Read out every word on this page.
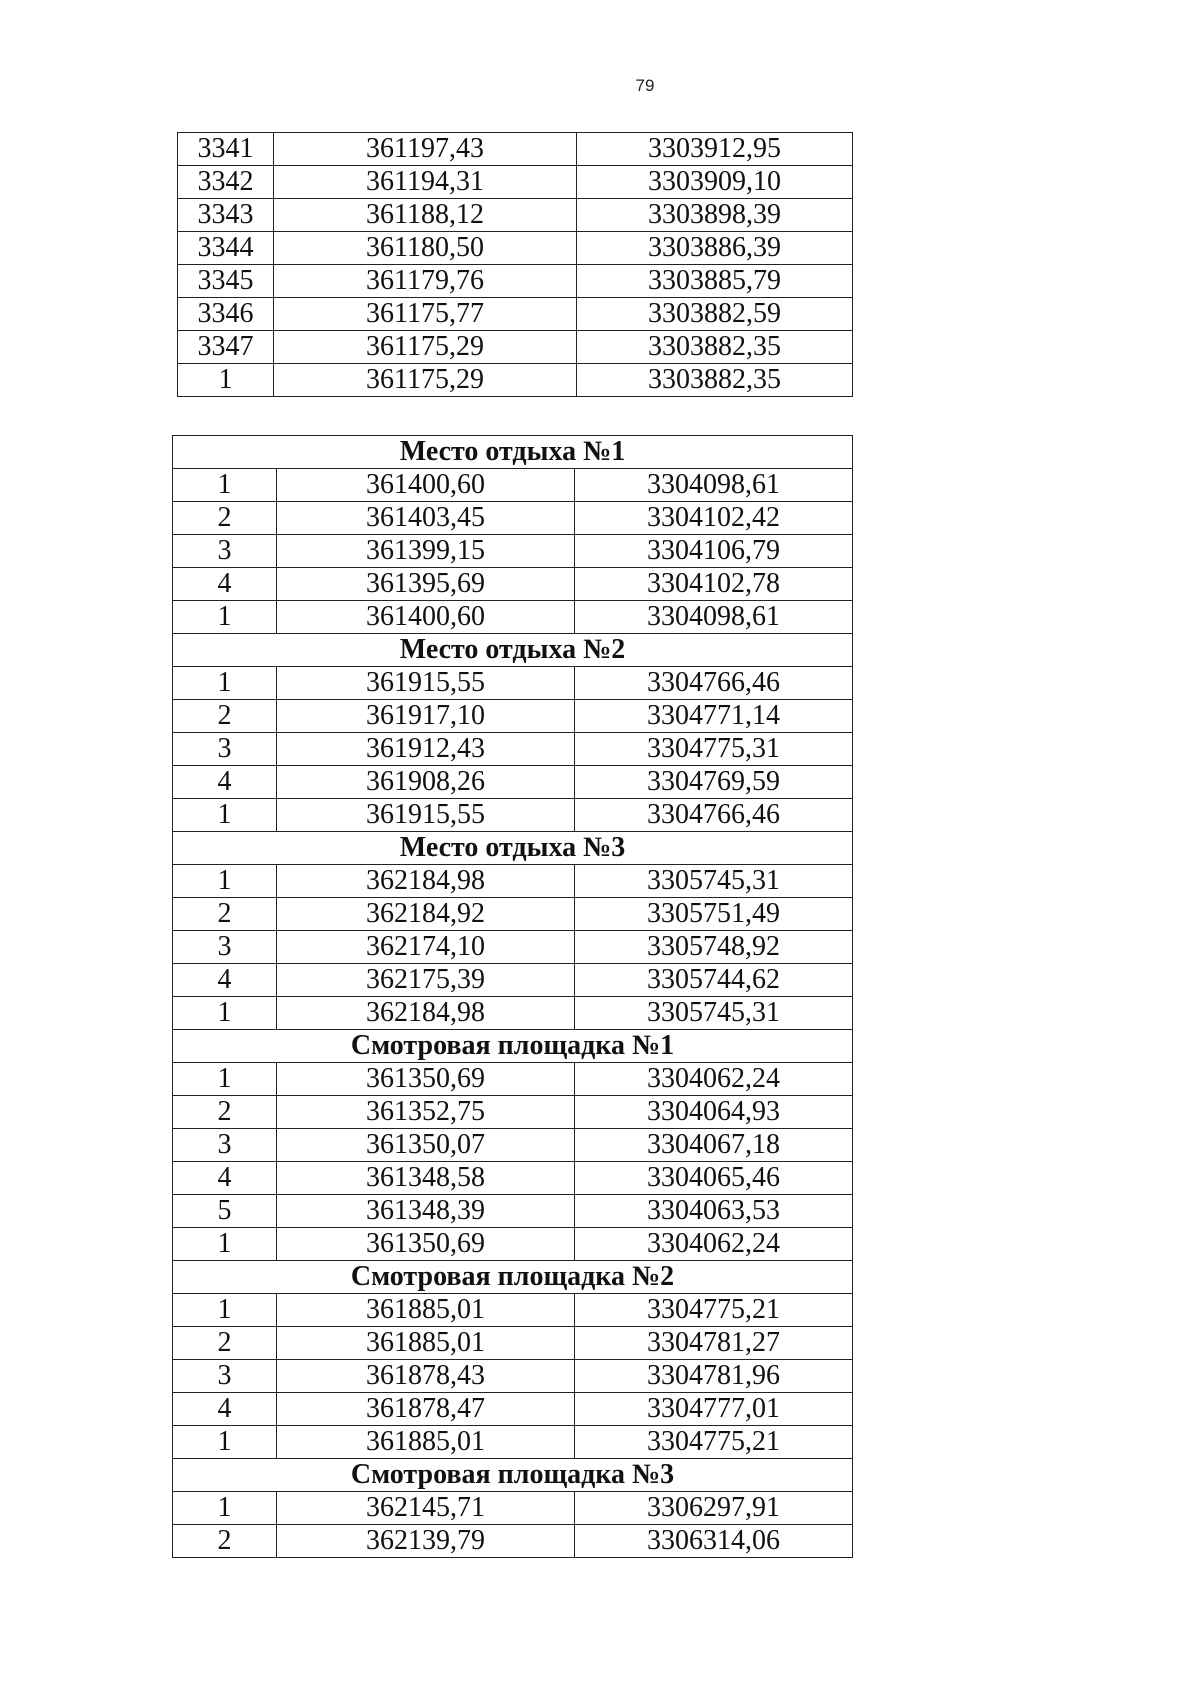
79
3341	361197,43	3303912,95
3342	361194,31	3303909,10
3343	361188,12	3303898,39
3344	361180,50	3303886,39
3345	361179,76	3303885,79
3346	361175,77	3303882,59
3347	361175,29	3303882,35
1	361175,29	3303882,35
Место отдыха №1		
1	361400,60	3304098,61
2	361403,45	3304102,42
3	361399,15	3304106,79
4	361395,69	3304102,78
1	361400,60	3304098,61
Место отдыха №2		
1	361915,55	3304766,46
2	361917,10	3304771,14
3	361912,43	3304775,31
4	361908,26	3304769,59
1	361915,55	3304766,46
Место отдыха №3		
1	362184,98	3305745,31
2	362184,92	3305751,49
3	362174,10	3305748,92
4	362175,39	3305744,62
1	362184,98	3305745,31
Смотровая площадка №1		
1	361350,69	3304062,24
2	361352,75	3304064,93
3	361350,07	3304067,18
4	361348,58	3304065,46
5	361348,39	3304063,53
1	361350,69	3304062,24
Смотровая площадка №2		
1	361885,01	3304775,21
2	361885,01	3304781,27
3	361878,43	3304781,96
4	361878,47	3304777,01
1	361885,01	3304775,21
Смотровая площадка №3		
1	362145,71	3306297,91
2	362139,79	3306314,06
